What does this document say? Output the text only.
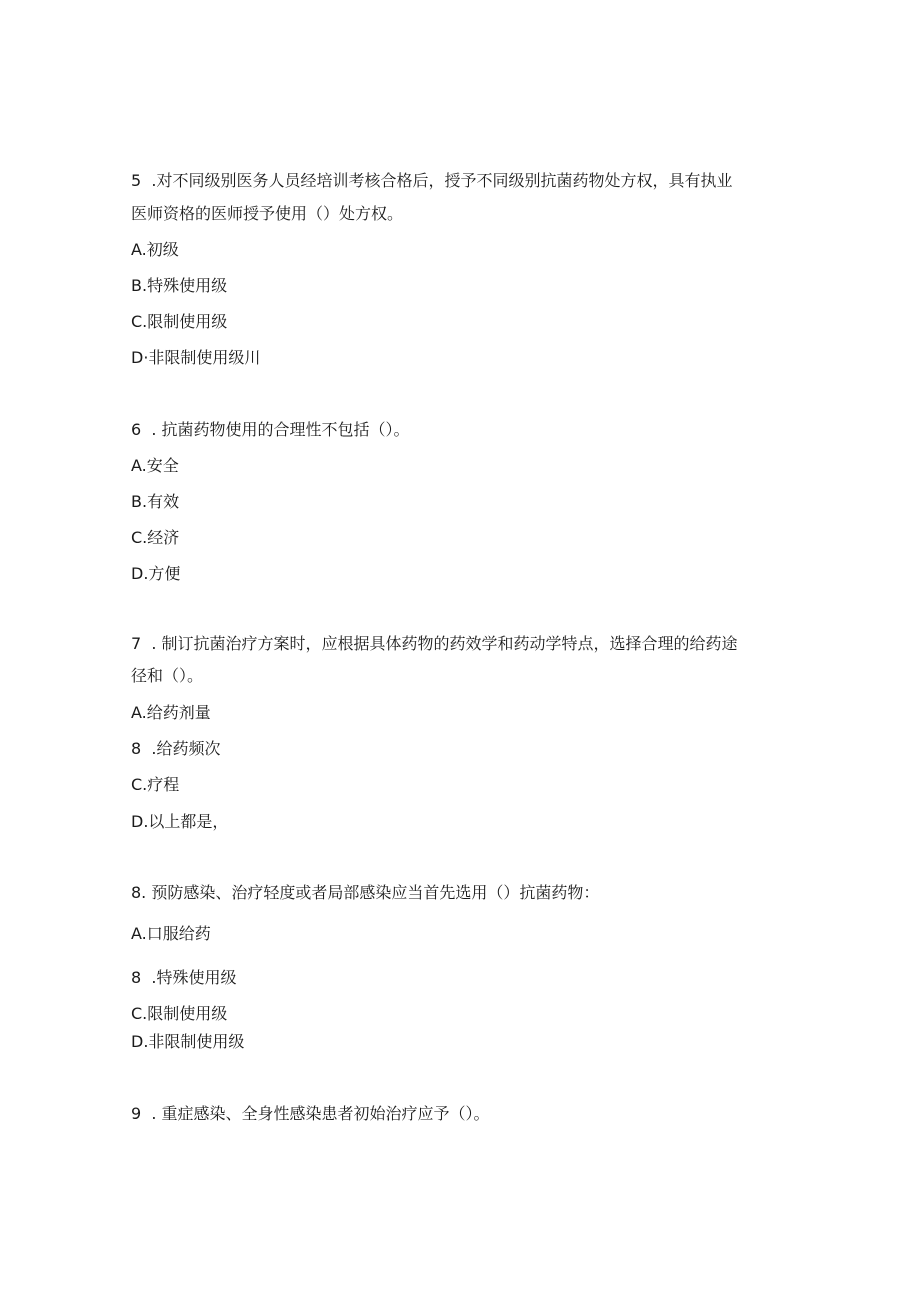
5  .对不同级别医务人员经培训考核合格后，授予不同级别抗菌药物处方权，具有执业
医师资格的医师授予使用（）处方权。
A.初级
B.特殊使用级
C.限制使用级
D·非限制使用级川
6  . 抗菌药物使用的合理性不包括（）。
A.安全
B.有效
C.经济
D.方便
7  . 制订抗菌治疗方案时，应根据具体药物的药效学和药动学特点，选择合理的给药途
径和（）。
A.给药剂量
8  .给药频次
C.疗程
D.以上都是，
8. 预防感染、治疗轻度或者局部感染应当首先选用（）抗菌药物：
A.口服给药
8  .特殊使用级
C.限制使用级
D.非限制使用级
9  . 重症感染、全身性感染患者初始治疗应予（）。
